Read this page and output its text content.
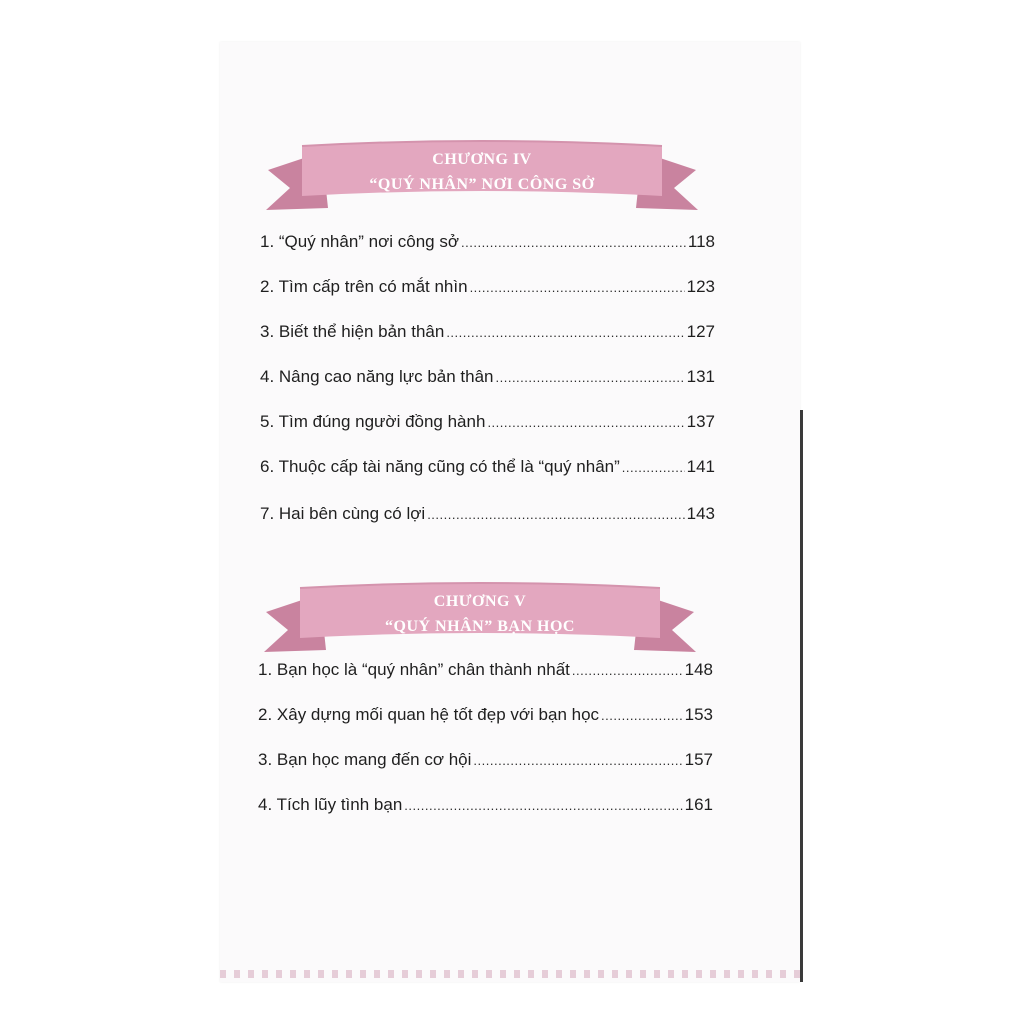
CHƯƠNG IV
“QUÝ NHÂN” NƠI CÔNG SỞ
1. “Quý nhân” nơi công sở .....	118
2. Tìm cấp trên có mắt nhìn .....	123
3. Biết thể hiện bản thân .....	127
4. Nâng cao năng lực bản thân .....	131
5. Tìm đúng người đồng hành .....	137
6. Thuộc cấp tài năng cũng có thể là “quý nhân” .....	141
7. Hai bên cùng có lợi .....	143
CHƯƠNG V
“QUÝ NHÂN” BẠN HỌC
1. Bạn học là “quý nhân” chân thành nhất .....	148
2. Xây dựng mối quan hệ tốt đẹp với bạn học .....	153
3. Bạn học mang đến cơ hội .....	157
4. Tích lũy tình bạn .....	161
